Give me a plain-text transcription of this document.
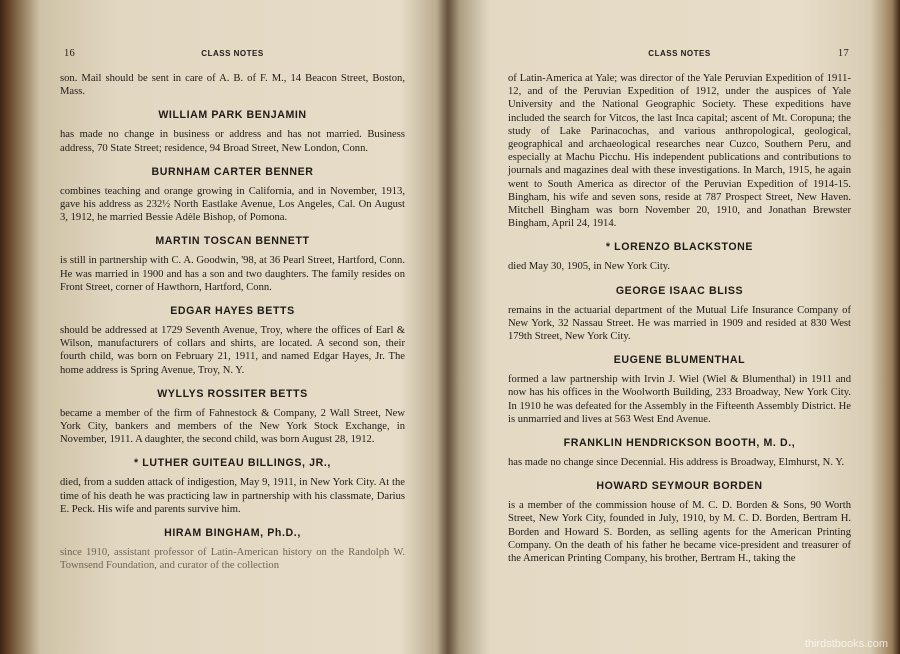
16	CLASS NOTES

son. Mail should be sent in care of A. B. of F. M., 14 Beacon Street, Boston, Mass.

WILLIAM PARK BENJAMIN

has made no change in business or address and has not married. Business address, 70 State Street; residence, 94 Broad Street, New London, Conn.

BURNHAM CARTER BENNER

combines teaching and orange growing in California, and in November, 1913, gave his address as 232½ North Eastlake Avenue, Los Angeles, Cal. On August 3, 1912, he married Bessie Adèle Bishop, of Pomona.

MARTIN TOSCAN BENNETT

is still in partnership with C. A. Goodwin, '98, at 36 Pearl Street, Hartford, Conn. He was married in 1900 and has a son and two daughters. The family resides on Front Street, corner of Hawthorn, Hartford, Conn.

EDGAR HAYES BETTS

should be addressed at 1729 Seventh Avenue, Troy, where the offices of Earl & Wilson, manufacturers of collars and shirts, are located. A second son, their fourth child, was born on February 21, 1911, and named Edgar Hayes, Jr. The home address is Spring Avenue, Troy, N. Y.

WYLLYS ROSSITER BETTS

became a member of the firm of Fahnestock & Company, 2 Wall Street, New York City, bankers and members of the New York Stock Exchange, in November, 1911. A daughter, the second child, was born August 28, 1912.

* LUTHER GUITEAU BILLINGS, JR.,

died, from a sudden attack of indigestion, May 9, 1911, in New York City. At the time of his death he was practicing law in partnership with his classmate, Darius E. Peck. His wife and parents survive him.

HIRAM BINGHAM, Ph.D.,

since 1910, assistant professor of Latin-American history on the Randolph W. Townsend Foundation, and curator of the collection

CLASS NOTES	17

of Latin-America at Yale; was director of the Yale Peruvian Expedition of 1911-12, and of the Peruvian Expedition of 1912, under the auspices of Yale University and the National Geographic Society. These expeditions have included the search for Vitcos, the last Inca capital; ascent of Mt. Coropuna; the study of Lake Parinacochas, and various anthropological, geological, geographical and archaeological researches near Cuzco, Southern Peru, and especially at Machu Picchu. His independent publications and contributions to journals and magazines deal with these investigations. In March, 1915, he again went to South America as director of the Peruvian Expedition of 1914-15. Bingham, his wife and seven sons, reside at 787 Prospect Street, New Haven. Mitchell Bingham was born November 20, 1910, and Jonathan Brewster Bingham, April 24, 1914.

* LORENZO BLACKSTONE

died May 30, 1905, in New York City.

GEORGE ISAAC BLISS

remains in the actuarial department of the Mutual Life Insurance Company of New York, 32 Nassau Street. He was married in 1909 and resided at 830 West 179th Street, New York City.

EUGENE BLUMENTHAL

formed a law partnership with Irvin J. Wiel (Wiel & Blumenthal) in 1911 and now has his offices in the Woolworth Building, 233 Broadway, New York City. In 1910 he was defeated for the Assembly in the Fifteenth Assembly District. He is unmarried and lives at 563 West End Avenue.

FRANKLIN HENDRICKSON BOOTH, M. D.,

has made no change since Decennial. His address is Broadway, Elmhurst, N. Y.

HOWARD SEYMOUR BORDEN

is a member of the commission house of M. C. D. Borden & Sons, 90 Worth Street, New York City, founded in July, 1910, by M. C. D. Borden, Bertram H. Borden and Howard S. Borden, as selling agents for the American Printing Company. On the death of his father he became vice-president and treasurer of the American Printing Company, his brother, Bertram H., taking the

thirdstbooks.com
